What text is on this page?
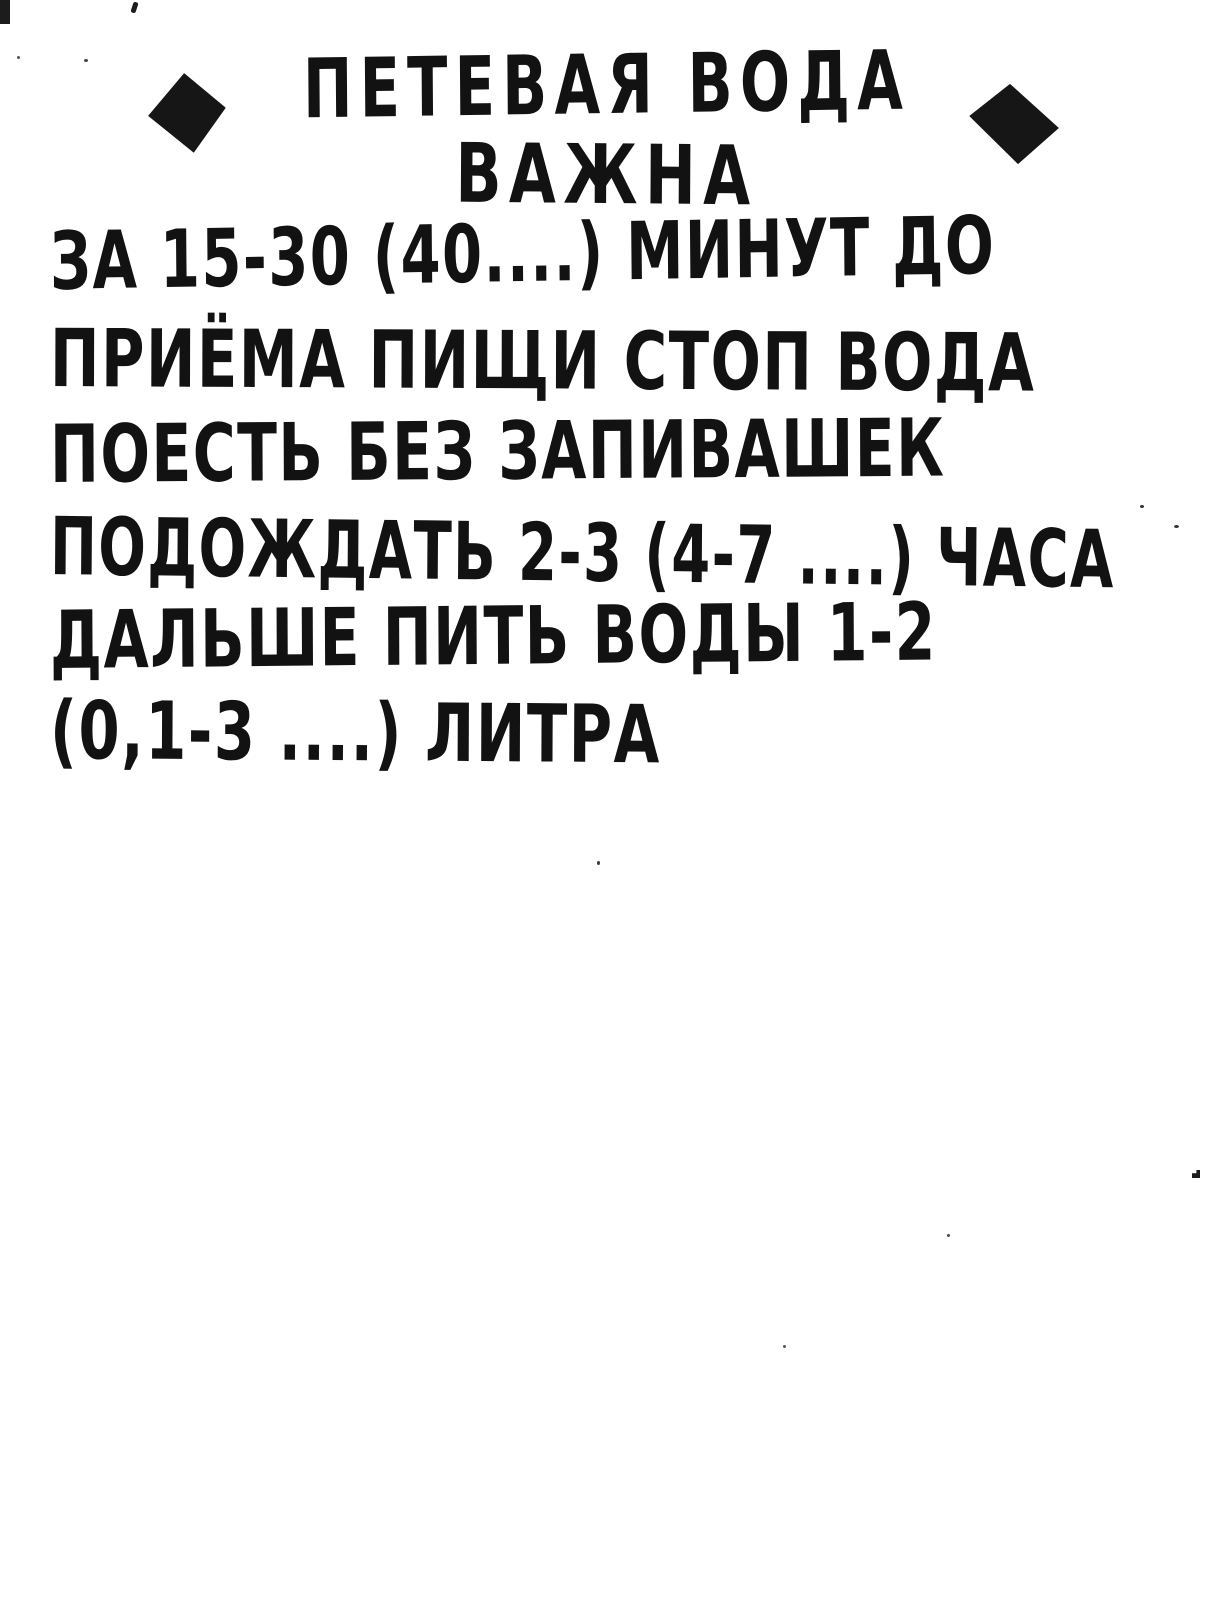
ПЕТЕВАЯ ВОДА
ВАЖНА
ЗА 15-30 (40....) МИНУТ ДО
ПРИЁМА ПИЩИ СТОП ВОДА
ПОЕСТЬ БЕЗ ЗАПИВАШЕК
ПОДОЖДАТЬ 2-3 (4-7 ....) ЧАСА
ДАЛЬШЕ ПИТЬ ВОДЫ 1-2
(0,1-3 ....) ЛИТРА
